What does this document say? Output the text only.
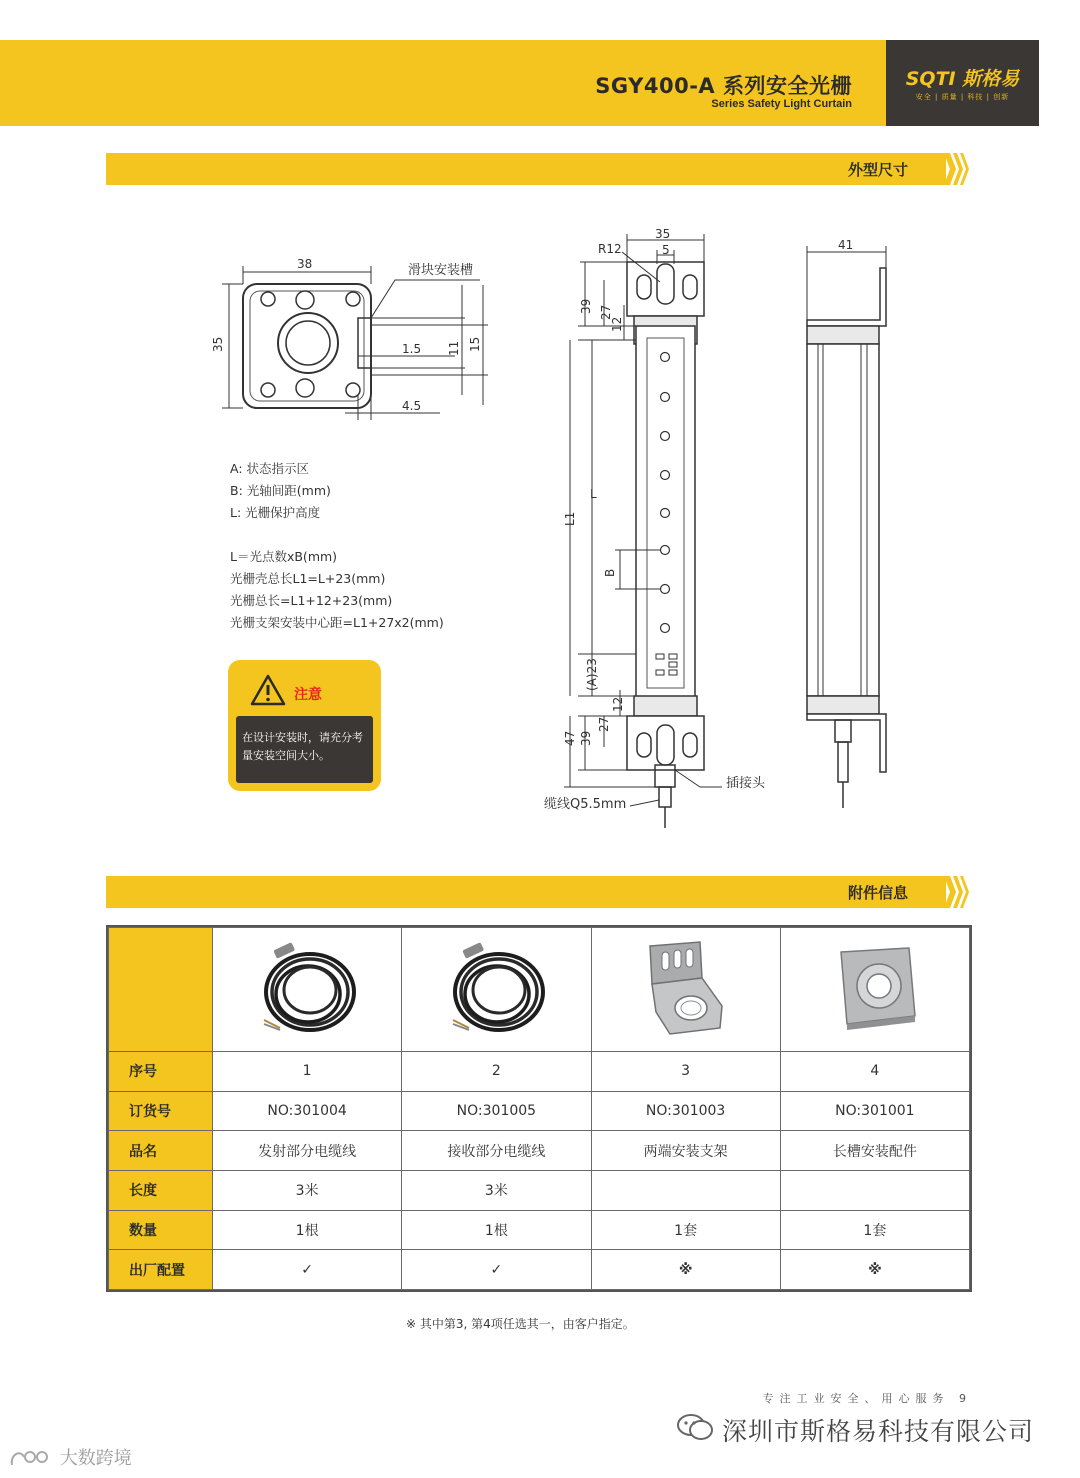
SGY400-A 系列安全光栅
Series Safety Light Curtain
SQTI 斯格易
安全 | 质量 | 科技 | 创新
外型尺寸
38
35
滑块安装槽
1.5 11 15
4.5
35
R12	5
39 27
12
L1
L
B
(A)23
12
27
39
47
插接头
缆线Q5.5mm
41

A: 状态指示区

B: 光轴间距(mm)

L: 光栅保护高度

L＝光点数xB(mm)

光栅壳总长L1=L+23(mm)

光栅总长=L1+12+23(mm)

光栅支架安装中心距=L1+27x2(mm)

注意
在设计安装时，请充分考量安装空间大小。
附件信息

序号	1	2	3	4
订货号	NO:301004	NO:301005	NO:301003	NO:301001
品名	发射部分电缆线	接收部分电缆线	两端安装支架	长槽安装配件
长度	3米	3米		
数量	1根	1根	1套	1套
出厂配置	✓	✓	※	※
※ 其中第3, 第4项任选其一，由客户指定。
专注工业安全、用心服务 9
深圳市斯格易科技有限公司
大数跨境
